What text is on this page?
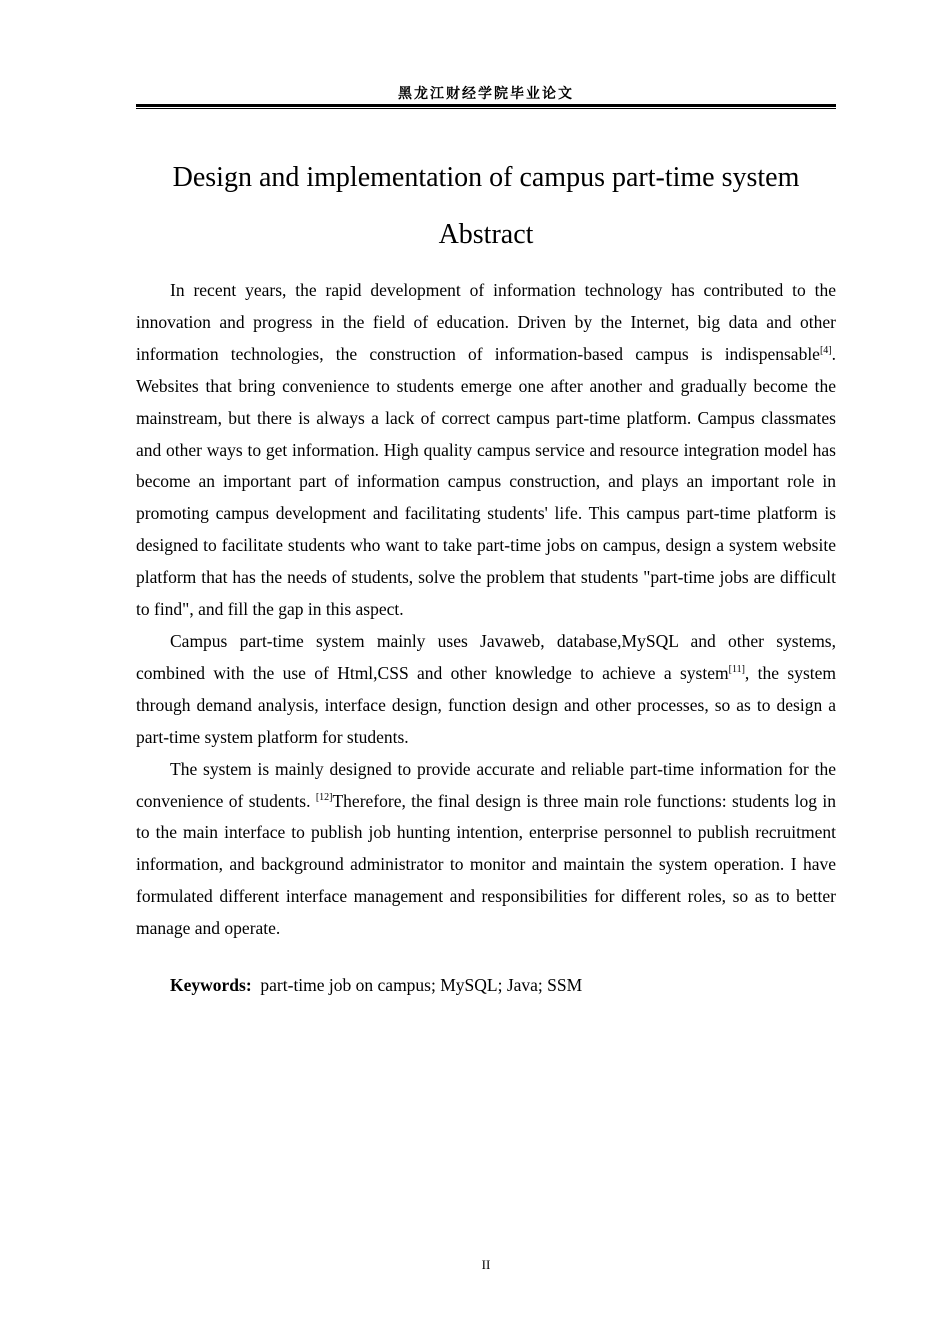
黑龙江财经学院毕业论文
Design and implementation of campus part-time system
Abstract

In recent years, the rapid development of information technology has contributed to the innovation and progress in the field of education. Driven by the Internet, big data and other information technologies, the construction of information-based campus is indispensable[4]. Websites that bring convenience to students emerge one after another and gradually become the mainstream, but there is always a lack of correct campus part-time platform. Campus classmates and other ways to get information. High quality campus service and resource integration model has become an important part of information campus construction, and plays an important role in promoting campus development and facilitating students' life. This campus part-time platform is designed to facilitate students who want to take part-time jobs on campus, design a system website platform that has the needs of students, solve the problem that students "part-time jobs are difficult to find", and fill the gap in this aspect.

Campus part-time system mainly uses Javaweb, database,MySQL and other systems, combined with the use of Html,CSS and other knowledge to achieve a system[11], the system through demand analysis, interface design, function design and other processes, so as to design a part-time system platform for students.

The system is mainly designed to provide accurate and reliable part-time information for the convenience of students. [12]Therefore, the final design is three main role functions: students log in to the main interface to publish job hunting intention, enterprise personnel to publish recruitment information, and background administrator to monitor and maintain the system operation. I have formulated different interface management and responsibilities for different roles, so as to better manage and operate.

Keywords: part-time job on campus; MySQL; Java; SSM
II
